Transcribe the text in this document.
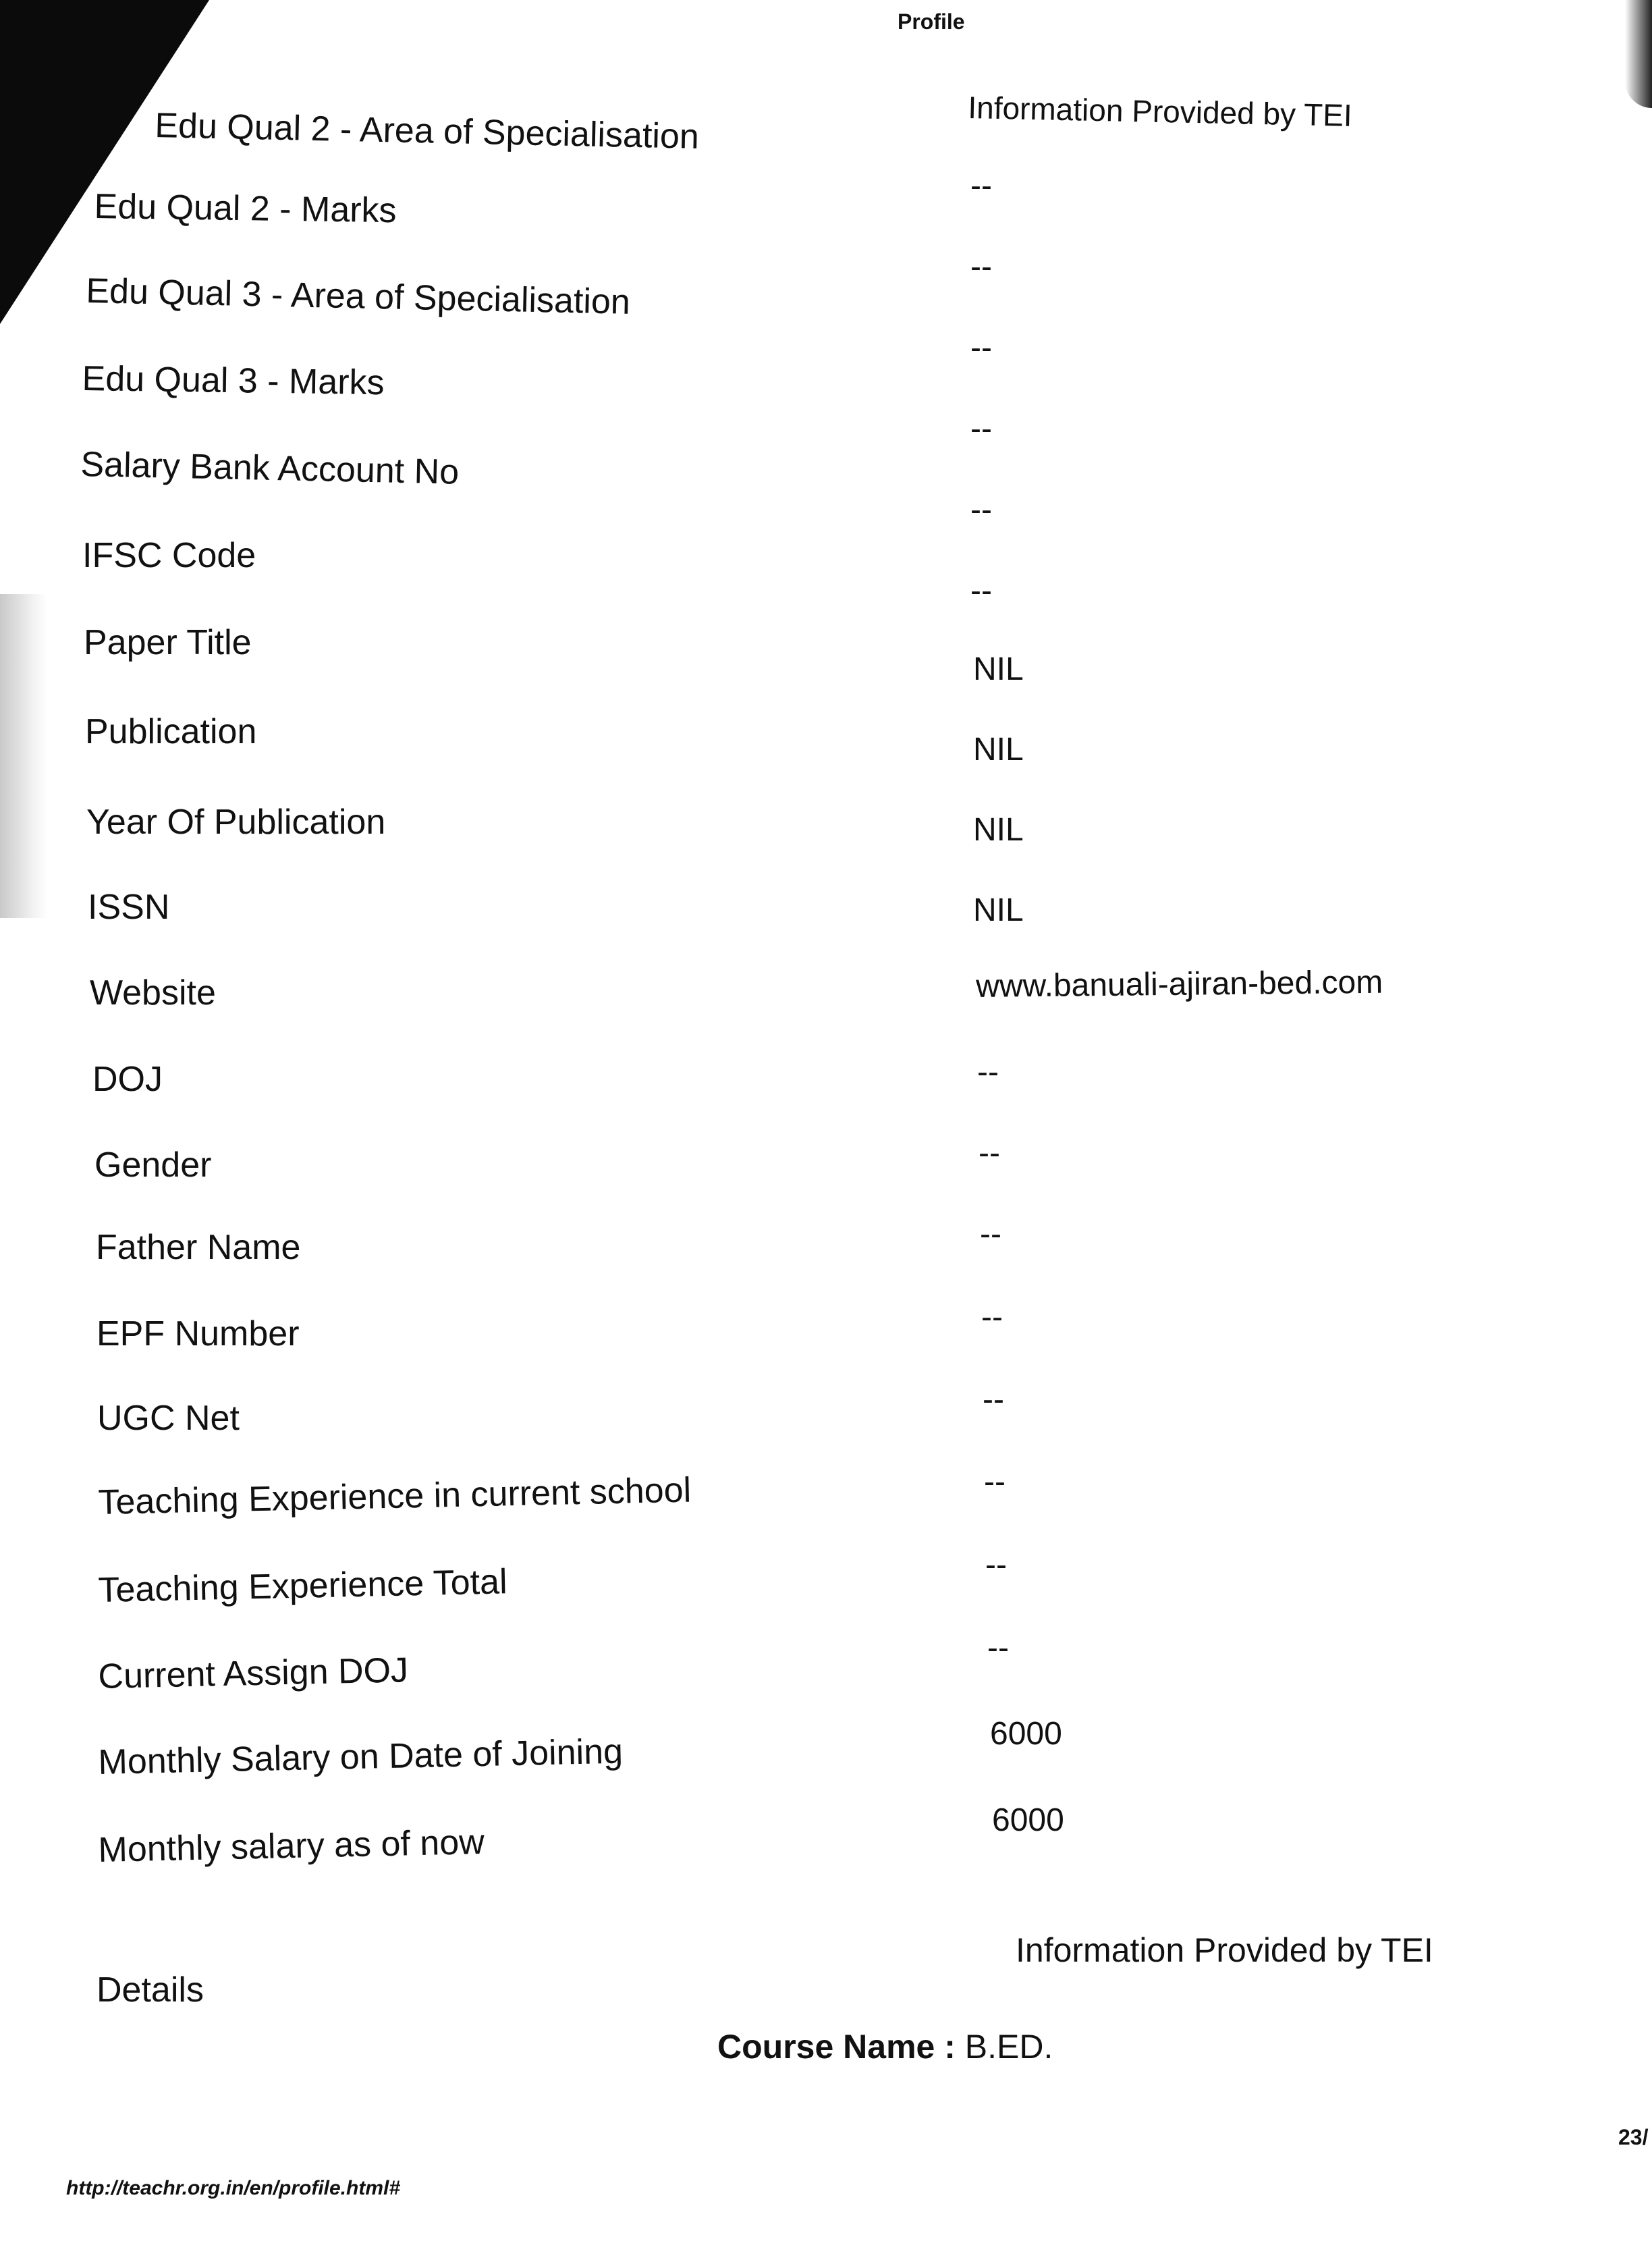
Profile
Information Provided by TEI
Edu Qual 2 - Area of Specialisation
Edu Qual 2 - Marks
Edu Qual 3 - Area of Specialisation
Edu Qual 3 - Marks
Salary Bank Account No
IFSC Code
Paper Title
Publication
Year Of Publication
ISSN
Website
DOJ
Gender
Father Name
EPF Number
UGC Net
Teaching Experience in current school
Teaching Experience Total
Current Assign DOJ
Monthly Salary on Date of Joining
Monthly salary as of now
--
--
--
--
--
--
NIL
NIL
NIL
NIL
www.banuali-ajiran-bed.com
--
--
--
--
--
--
--
--
6000
6000
Information Provided by TEI
Details
Course Name : B.ED.
23/
http://teachr.org.in/en/profile.html#
